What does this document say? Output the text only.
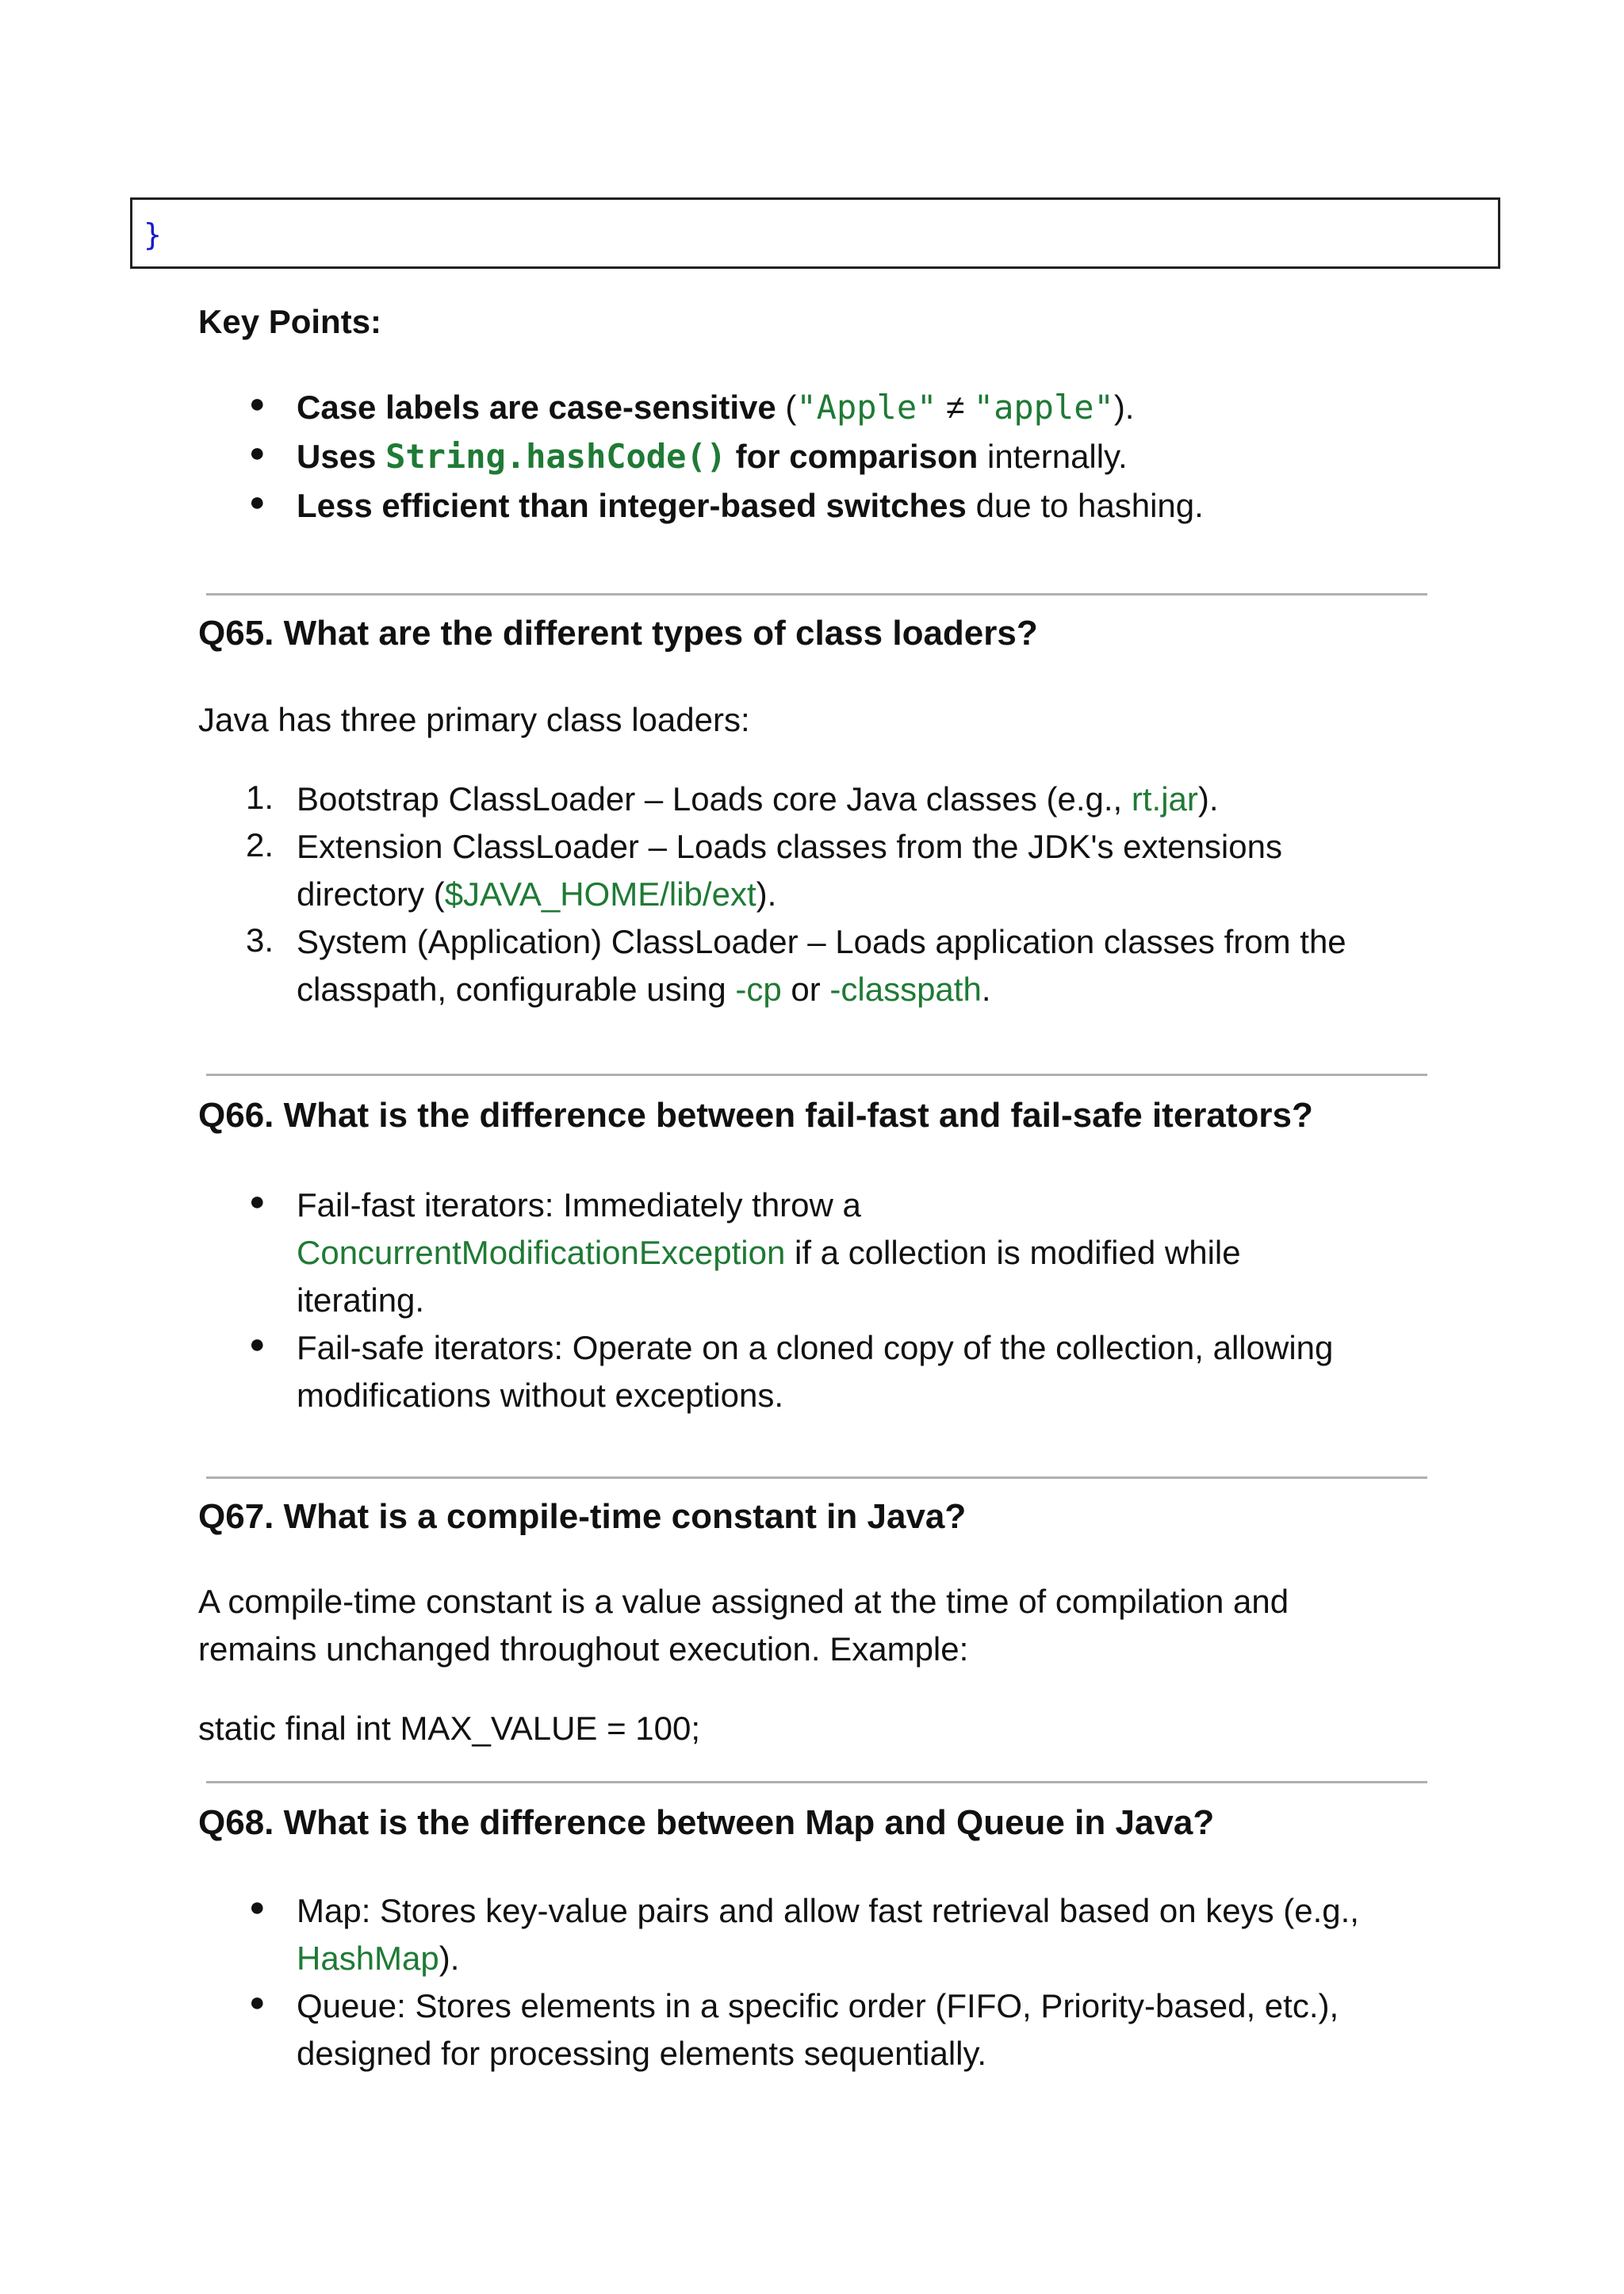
}
Key Points:
● Case labels are case-sensitive ("Apple" ≠ "apple").
● Uses String.hashCode() for comparison internally.
● Less efficient than integer-based switches due to hashing.
Q65. What are the different types of class loaders?
Java has three primary class loaders:
1. Bootstrap ClassLoader – Loads core Java classes (e.g., rt.jar).
2. Extension ClassLoader – Loads classes from the JDK's extensions
directory ($JAVA_HOME/lib/ext).
3. System (Application) ClassLoader – Loads application classes from the
classpath, configurable using -cp or -classpath.
Q66. What is the difference between fail-fast and fail-safe iterators?
● Fail-fast iterators: Immediately throw a
ConcurrentModificationException if a collection is modified while
iterating.
● Fail-safe iterators: Operate on a cloned copy of the collection, allowing
modifications without exceptions.
Q67. What is a compile-time constant in Java?
A compile-time constant is a value assigned at the time of compilation and
remains unchanged throughout execution. Example:
static final int MAX_VALUE = 100;
Q68. What is the difference between Map and Queue in Java?
● Map: Stores key-value pairs and allow fast retrieval based on keys (e.g.,
HashMap).
● Queue: Stores elements in a specific order (FIFO, Priority-based, etc.),
designed for processing elements sequentially.
